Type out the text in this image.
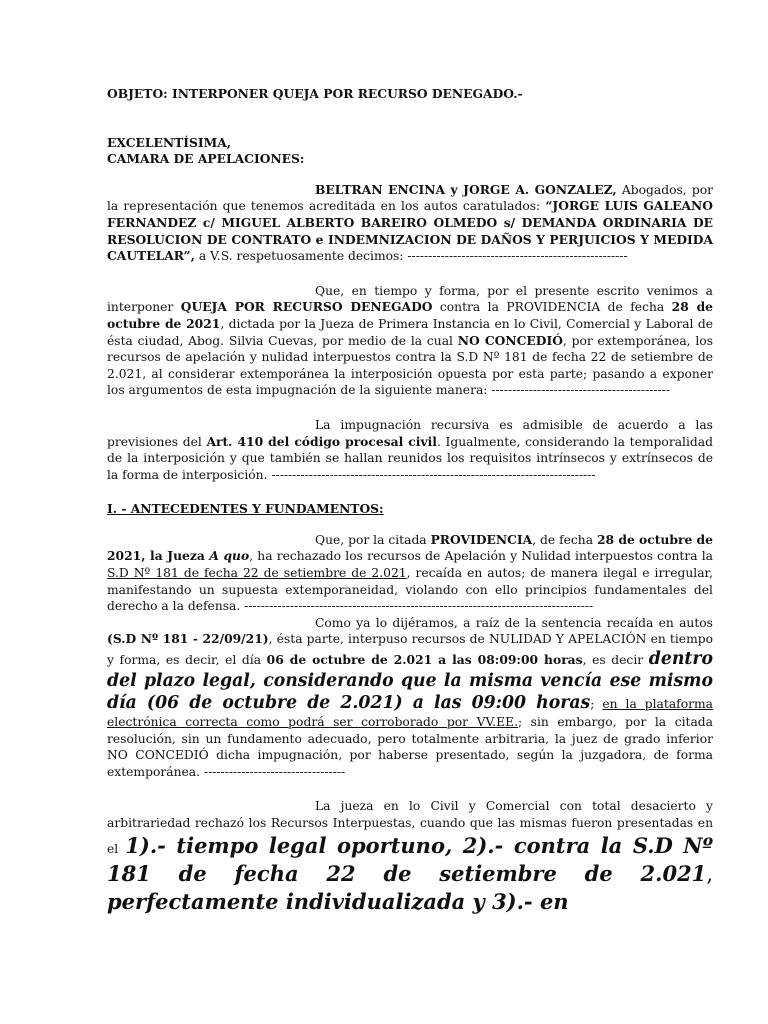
OBJETO: INTERPONER QUEJA POR RECURSO DENEGADO.-

EXCELENTÍSIMA,

CAMARA DE APELACIONES:

BELTRAN ENCINA y JORGE A. GONZALEZ, Abogados, por la representación que tenemos acreditada en los autos caratulados: “JORGE LUIS GALEANO FERNANDEZ c/ MIGUEL ALBERTO BAREIRO OLMEDO s/ DEMANDA ORDINARIA DE RESOLUCION DE CONTRATO e INDEMNIZACION DE DAÑOS Y PERJUICIOS Y MEDIDA CAUTELAR”, a V.S. respetuosamente decimos: -----------------------------------------------------

Que, en tiempo y forma, por el presente escrito venimos a interponer QUEJA POR RECURSO DENEGADO contra la PROVIDENCIA de fecha 28 de octubre de 2021, dictada por la Jueza de Primera Instancia en lo Civil, Comercial y Laboral de ésta ciudad, Abog. Silvia Cuevas, por medio de la cual NO CONCEDIÓ, por extemporánea, los recursos de apelación y nulidad interpuestos contra la S.D Nº 181 de fecha 22 de setiembre de 2.021, al considerar extemporánea la interposición opuesta por esta parte; pasando a exponer los argumentos de esta impugnación de la siguiente manera: -------------------------------------------

La impugnación recursiva es admisible de acuerdo a las previsiones del Art. 410 del código procesal civil. Igualmente, considerando la temporalidad de la interposición y que también se hallan reunidos los requisitos intrínsecos y extrínsecos de la forma de interposición. ------------------------------------------------------------------------------

I. - ANTECEDENTES Y FUNDAMENTOS:

Que, por la citada PROVIDENCIA, de fecha 28 de octubre de 2021, la Jueza A quo, ha rechazado los recursos de Apelación y Nulidad interpuestos contra la S.D Nº 181 de fecha 22 de setiembre de 2.021, recaída en autos; de manera ilegal e irregular, manifestando un supuesta extemporaneidad, violando con ello principios fundamentales del derecho a la defensa. ------------------------------------------------------------------------------------

Como ya lo dijéramos, a raíz de la sentencia recaída en autos (S.D Nº 181 - 22/09/21), ésta parte, interpuso recursos de NULIDAD Y APELACIÓN en tiempo y forma, es decir, el día 06 de octubre de 2.021 a las 08:09:00 horas, es decir dentro del plazo legal, considerando que la misma vencía ese mismo día (06 de octubre de 2.021) a las 09:00 horas; en la plataforma electrónica correcta como podrá ser corroborado por VV.EE.; sin embargo, por la citada resolución, sin un fundamento adecuado, pero totalmente arbitraria, la juez de grado inferior NO CONCEDIÓ dicha impugnación, por haberse presentado, según la juzgadora, de forma extemporánea. ----------------------------------

La jueza en lo Civil y Comercial con total desacierto y arbitrariedad rechazó los Recursos Interpuestas, cuando que las mismas fueron presentadas en el 1).- tiempo legal oportuno, 2).- contra la S.D Nº 181 de fecha 22 de setiembre de 2.021, perfectamente individualizada y 3).- en
